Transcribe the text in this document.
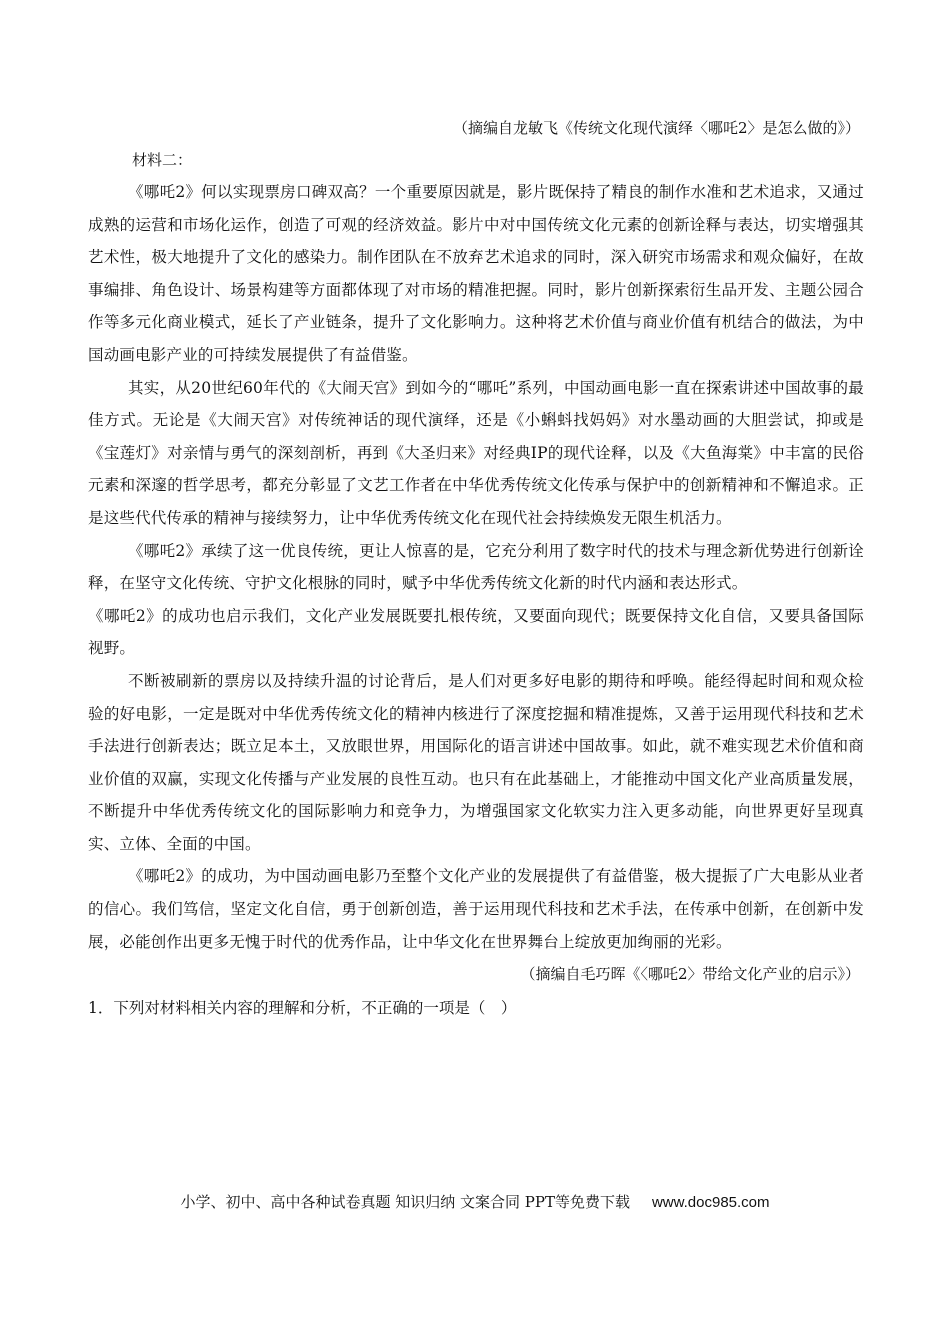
（摘编自龙敏飞《传统文化现代演绎〈哪吒2〉是怎么做的》）
材料二：

《哪吒2》何以实现票房口碑双高？一个重要原因就是，影片既保持了精良的制作水准和艺术追求，又通过成熟的运营和市场化运作，创造了可观的经济效益。影片中对中国传统文化元素的创新诠释与表达，切实增强其艺术性，极大地提升了文化的感染力。制作团队在不放弃艺术追求的同时，深入研究市场需求和观众偏好，在故事编排、角色设计、场景构建等方面都体现了对市场的精准把握。同时，影片创新探索衍生品开发、主题公园合作等多元化商业模式，延长了产业链条，提升了文化影响力。这种将艺术价值与商业价值有机结合的做法，为中国动画电影产业的可持续发展提供了有益借鉴。

其实，从20世纪60年代的《大闹天宫》到如今的“哪吒”系列，中国动画电影一直在探索讲述中国故事的最佳方式。无论是《大闹天宫》对传统神话的现代演绎，还是《小蝌蚪找妈妈》对水墨动画的大胆尝试，抑或是《宝莲灯》对亲情与勇气的深刻剖析，再到《大圣归来》对经典IP的现代诠释，以及《大鱼海棠》中丰富的民俗元素和深邃的哲学思考，都充分彰显了文艺工作者在中华优秀传统文化传承与保护中的创新精神和不懈追求。正是这些代代传承的精神与接续努力，让中华优秀传统文化在现代社会持续焕发无限生机活力。

《哪吒2》承续了这一优良传统，更让人惊喜的是，它充分利用了数字时代的技术与理念新优势进行创新诠释，在坚守文化传统、守护文化根脉的同时，赋予中华优秀传统文化新的时代内涵和表达形式。

《哪吒2》的成功也启示我们，文化产业发展既要扎根传统，又要面向现代；既要保持文化自信，又要具备国际视野。

不断被刷新的票房以及持续升温的讨论背后，是人们对更多好电影的期待和呼唤。能经得起时间和观众检验的好电影，一定是既对中华优秀传统文化的精神内核进行了深度挖掘和精准提炼，又善于运用现代科技和艺术手法进行创新表达；既立足本土，又放眼世界，用国际化的语言讲述中国故事。如此，就不难实现艺术价值和商业价值的双赢，实现文化传播与产业发展的良性互动。也只有在此基础上，才能推动中国文化产业高质量发展，不断提升中华优秀传统文化的国际影响力和竞争力，为增强国家文化软实力注入更多动能，向世界更好呈现真实、立体、全面的中国。

《哪吒2》的成功，为中国动画电影乃至整个文化产业的发展提供了有益借鉴，极大提振了广大电影从业者的信心。我们笃信，坚定文化自信，勇于创新创造，善于运用现代科技和艺术手法，在传承中创新，在创新中发展，必能创作出更多无愧于时代的优秀作品，让中华文化在世界舞台上绽放更加绚丽的光彩。

（摘编自毛巧晖《〈哪吒2〉带给文化产业的启示》）
1．下列对材料相关内容的理解和分析，不正确的一项是（　）
小学、初中、高中各种试卷真题 知识归纳 文案合同 PPT等免费下载 www.doc985.com
